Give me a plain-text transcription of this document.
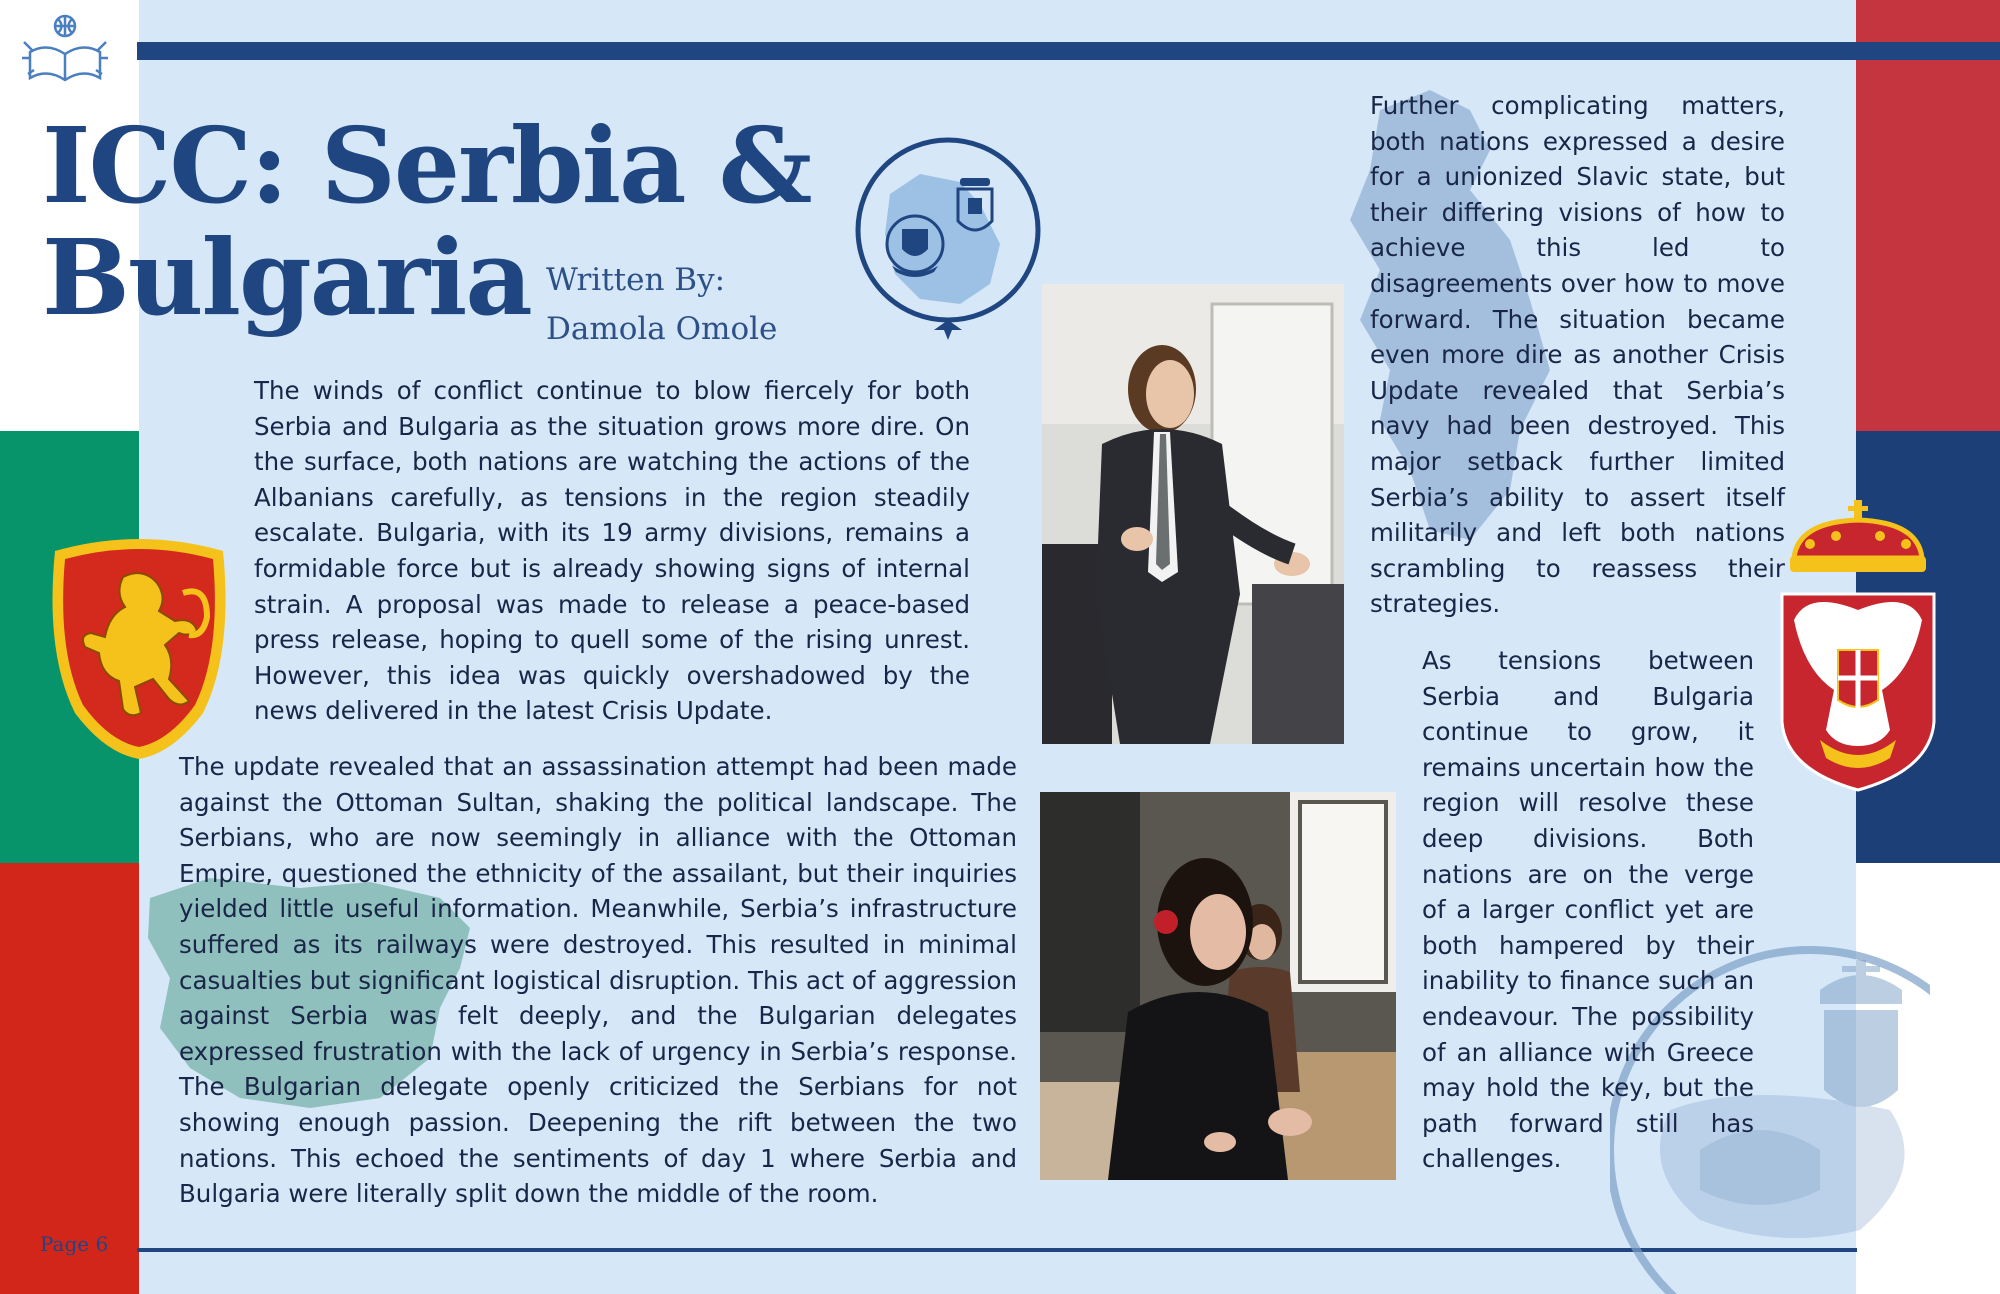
ICC: Serbia &
Bulgaria Written By:
Damola Omole

The winds of conflict continue to blow fiercely for both Serbia and Bulgaria as the situation grows more dire. On the surface, both nations are watching the actions of the Albanians carefully, as tensions in the region steadily escalate. Bulgaria, with its 19 army divisions, remains a formidable force but is already showing signs of internal strain. A proposal was made to release a peace-based press release, hoping to quell some of the rising unrest. However, this idea was quickly overshadowed by the news delivered in the latest Crisis Update.

The update revealed that an assassination attempt had been made against the Ottoman Sultan, shaking the political landscape. The Serbians, who are now seemingly in alliance with the Ottoman Empire, questioned the ethnicity of the assailant, but their inquiries yielded little useful information. Meanwhile, Serbia’s infrastructure suffered as its railways were destroyed. This resulted in minimal casualties but significant logistical disruption. This act of aggression against Serbia was felt deeply, and the Bulgarian delegates expressed frustration with the lack of urgency in Serbia’s response. The Bulgarian delegate openly criticized the Serbians for not showing enough passion. Deepening the rift between the two nations. This echoed the sentiments of day 1 where Serbia and Bulgaria were literally split down the middle of the room.

Further complicating matters, both nations expressed a desire for a unionized Slavic state, but their differing visions of how to achieve this led to disagreements over how to move forward. The situation became even more dire as another Crisis Update revealed that Serbia’s navy had been destroyed. This major setback further limited Serbia’s ability to assert itself militarily and left both nations scrambling to reassess their strategies.

As tensions between Serbia and Bulgaria continue to grow, it remains uncertain how the region will resolve these deep divisions. Both nations are on the verge of a larger conflict yet are both hampered by their inability to finance such an endeavour. The possibility of an alliance with Greece may hold the key, but the path forward still has challenges.

Page 6
